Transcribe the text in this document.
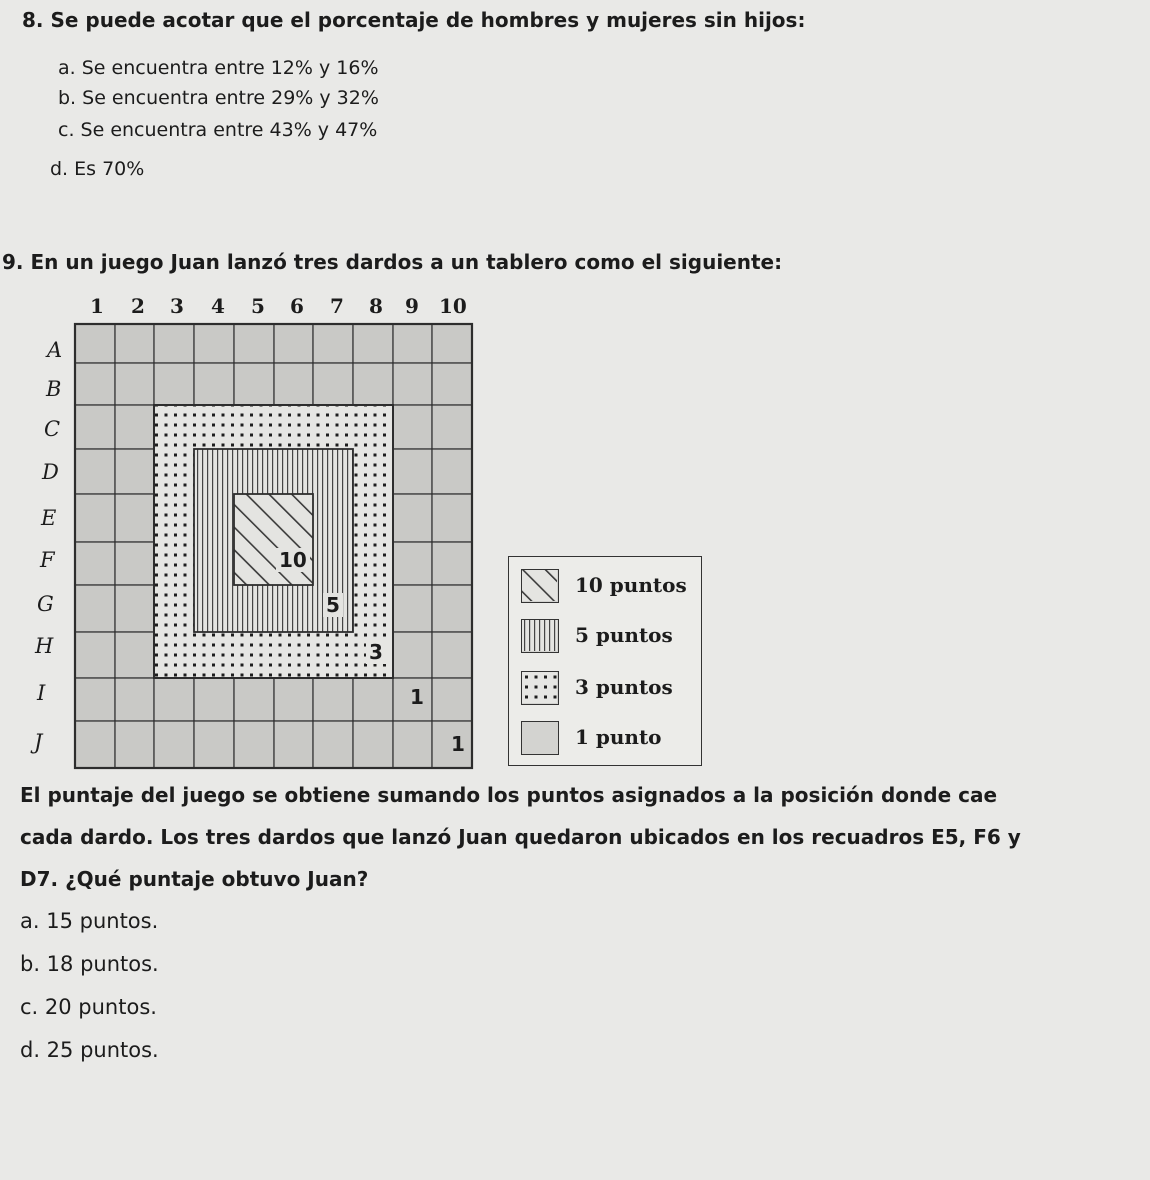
8. Se puede acotar que el porcentaje de hombres y mujeres sin hijos:
a. Se encuentra entre 12% y 16%
b. Se encuentra entre 29% y 32%
c. Se encuentra entre 43% y 47%
d. Es 70%
9. En un juego Juan lanzó tres dardos a un tablero como el siguiente:
1 2 3 4 5 6 7 8 9 10
A
B
C
D
E
F
G
H
I
J
10
5
3
1
1
10 puntos
5 puntos
3 puntos
1 punto
El puntaje del juego se obtiene sumando los puntos asignados a la posición donde cae
cada dardo. Los tres dardos que lanzó Juan quedaron ubicados en los recuadros E5, F6 y
D7. ¿Qué puntaje obtuvo Juan?
a. 15 puntos.
b. 18 puntos.
c. 20 puntos.
d. 25 puntos.
